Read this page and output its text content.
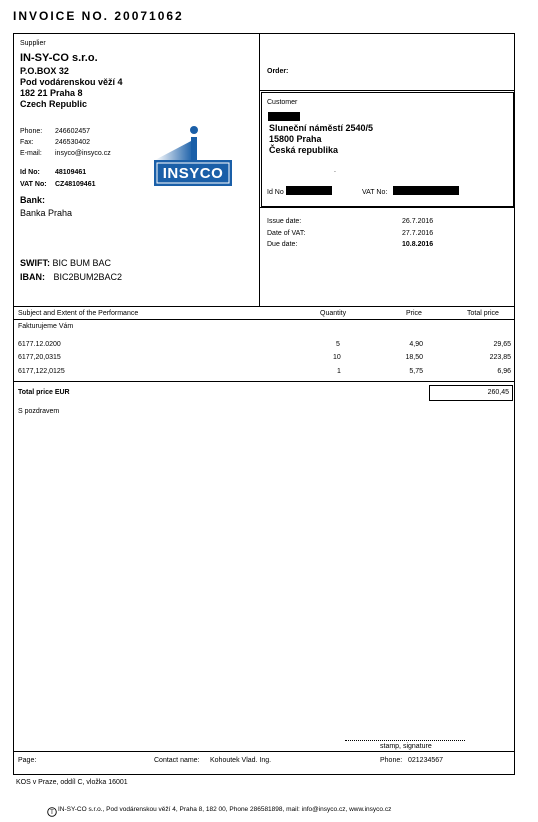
INVOICE NO. 20071062
Supplier
IN-SY-CO s.r.o.
P.O.BOX 32
Pod vodárenskou věží 4
182 21 Praha 8
Czech Republic
Phone: 246602457
Fax:	246530402
E-mail: insyco@insyco.cz
Id No: 48109461
VAT No: CZ48109461
Bank:
Banka Praha
SWIFT: BIC BUM BAC
IBAN: BIC2BUM2BAC2
INSYCO
Order:
Customer
Sluneční náměstí 2540/5
15800 Praha
Česká republika
.
Id No	VAT No:
Issue date:	26.7.2016
Date of VAT:	27.7.2016
Due date:	10.8.2016
Subject and Extent of the Performance	Quantity	Price	Total price
Fakturujeme Vám
6177.12.0200	5	4,90	29,65
6177,20,0315	10	18,50	223,85
6177,122,0125	1	5,75	6,96
Total price EUR	260,45
S pozdravem
stamp, signature
Page:	Contact name: Kohoutek Vlad. Ing.	Phone: 021234567
KOS v Praze, oddíl C, vložka 16001
T
IN-SY-CO s.r.o., Pod vodárenskou věží 4, Praha 8, 182 00, Phone 286581898, mail: info@insyco.cz, www.insyco.cz
